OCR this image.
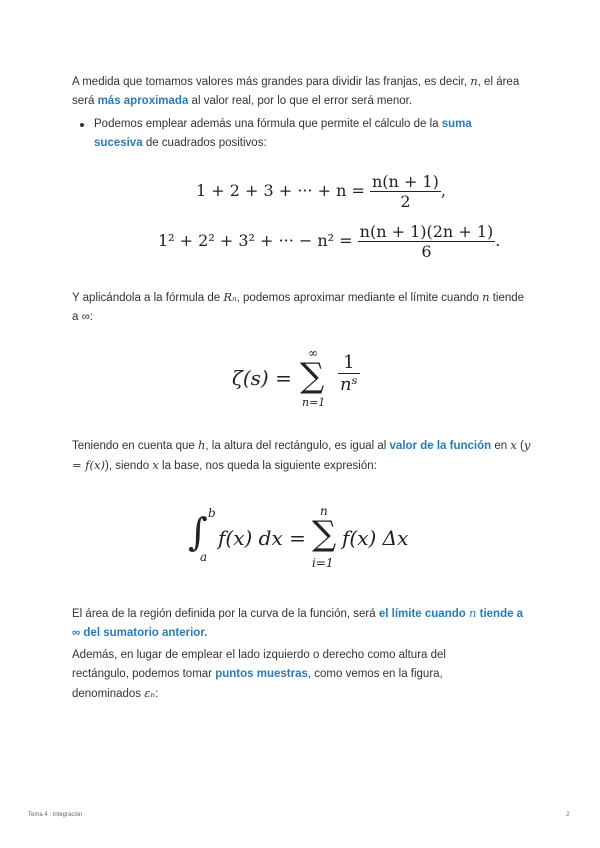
A medida que tomamos valores más grandes para dividir las franjas, es decir, n, el área será más aproximada al valor real, por lo que el error será menor.

Podemos emplear además una fórmula que permite el cálculo de la suma sucesiva de cuadrados positivos:

1 + 2 + 3 + ··· + $n = \frac{n(n + 1)}{2}$ ,
1² + 2² + 3² + ··· − $n^2 = \frac{n(n + 1)(2n + 1)}{6}$ .

Y aplicándola a la fórmula de Rₙ, podemos aproximar mediante el límite cuando n tiende a ∞:

ζ(s) =
∞
∑
n=1
$\frac{1}{\text{nˢ}}$

Teniendo en cuenta que h, la altura del rectángulo, es igual al valor de la función en x (y = f(x)), siendo x la base, nos queda la siguiente expresión:

∫ b
a
f(x) dx =
n
∑
i=1
f(x) Δx

El área de la región definida por la curva de la función, será el límite cuando n tiende a ∞ del sumatorio anterior.

Además, en lugar de emplear el lado izquierdo o derecho como altura del rectángulo, podemos tomar puntos muestras, como vemos en la figura, denominados εₙ:

Tema 4 : Integración	2
